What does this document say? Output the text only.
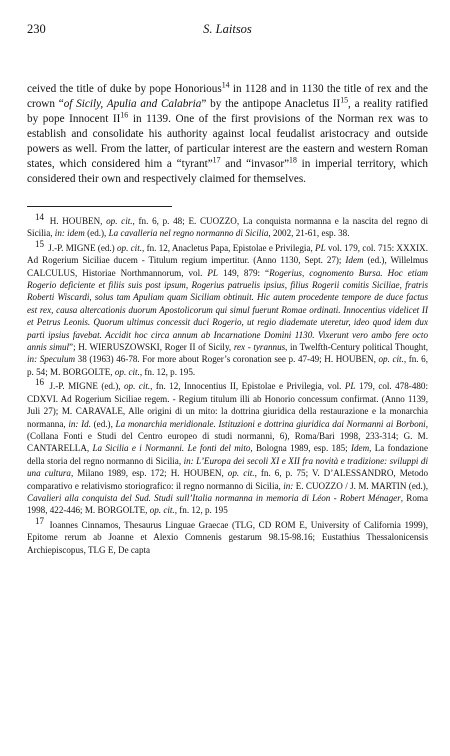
230	S. Laitsos
ceived the title of duke by pope Honorious$^{14}$ in 1128 and in 1130 the title of rex and the crown “of Sicily, Apulia and Calabria” by the antipope Anacletus II$^{15}$, a reality ratified by pope Innocent II$^{16}$ in 1139. One of the first provisions of the Norman rex was to establish and consolidate his authority against local feudalist aristocracy and outside powers as well. From the latter, of particular interest are the eastern and western Roman states, which considered him a “tyrant”$^{17}$ and “invasor”$^{18}$ in imperial territory, which considered their own and respectively claimed for themselves.

$^{14}$ H. HOUBEN, op. cit., fn. 6, p. 48; E. CUOZZO, La conquista normanna e la nascita del regno di Sicilia, in: idem (ed.), La cavalleria nel regno normanno di Sicilia, 2002, 21-61, esp. 38.

$^{15}$ J.-P. MIGNE (ed.) op. cit., fn. 12, Anacletus Papa, Epistolae e Privilegia, PL vol. 179, col. 715: XXXIX. Ad Rogerium Siciliae ducem - Titulum regium impertitur. (Anno 1130, Sept. 27); Idem (ed.), Willelmus CALCULUS, Historiae Northmannorum, vol. PL 149, 879: “Rogerius, cognomento Bursa. Hoc etiam Rogerio deficiente et filiis suis post ipsum, Rogerius patruelis ipsius, filius Rogerii comitis Siciliae, fratris Roberti Wiscardi, solus tam Apuliam quam Siciliam obtinuit. Hic autem procedente tempore de duce factus est rex, causa altercationis duorum Apostolicorum qui simul fuerunt Romae ordinati. Innocentius videlicet II et Petrus Leonis. Quorum ultimus concessit duci Rogerio, ut regio diademate uteretur, ideo quod idem dux parti ipsius favebat. Accidit hoc circa annum ab Incarnatione Domini 1130. Vixerunt vero ambo fere octo annis simul”; H. WIERUSZOWSKI, Roger II of Sicily, rex - tyrannus, in Twelfth-Century political Thought, in: Speculum 38 (1963) 46-78. For more about Roger’s coronation see p. 47-49; H. HOUBEN, op. cit., fn. 6, p. 54; M. BORGOLTE, op. cit., fn. 12, p. 195.

$^{16}$ J.-P. MIGNE (ed.), op. cit., fn. 12, Innocentius II, Epistolae e Privilegia, vol. PL 179, col. 478-480: CDXVI. Ad Rogerium Siciliae regem. - Regium titulum illi ab Honorio concessum confirmat. (Anno 1139, Juli 27); M. CARAVALE, Alle origini di un mito: la dottrina giuridica della restaurazione e la monarchia normanna, in: Id. (ed.), La monarchia meridionale. Istituzioni e dottrina giuridica dai Normanni ai Borboni, (Collana Fonti e Studi del Centro europeo di studi normanni, 6), Roma/Bari 1998, 233-314; G. M. CANTARELLA, La Sicilia e i Normanni. Le fonti del mito, Bologna 1989, esp. 185; Idem, La fondazione della storia del regno normanno di Sicilia, in: L’Europa dei secoli XI e XII fra novità e tradizione: sviluppi di una cultura, Milano 1989, esp. 172; H. HOUBEN, op. cit., fn. 6, p. 75; V. D’ALESSANDRO, Metodo comparativo e relativismo storiografico: il regno normanno di Sicilia, in: E. CUOZZO / J. M. MARTIN (ed.), Cavalieri alla conquista del Sud. Studi sull’Italia normanna in memoria di Léon - Robert Ménager, Roma 1998, 422-446; M. BORGOLTE, op. cit., fn. 12, p. 195

$^{17}$ Ioannes Cinnamos, Thesaurus Linguae Graecae (TLG, CD ROM E, University of California 1999), Epitome rerum ab Joanne et Alexio Comnenis gestarum 98.15-98.16; Eustathius Thessalonicensis Archiepiscopus, TLG E, De capta
